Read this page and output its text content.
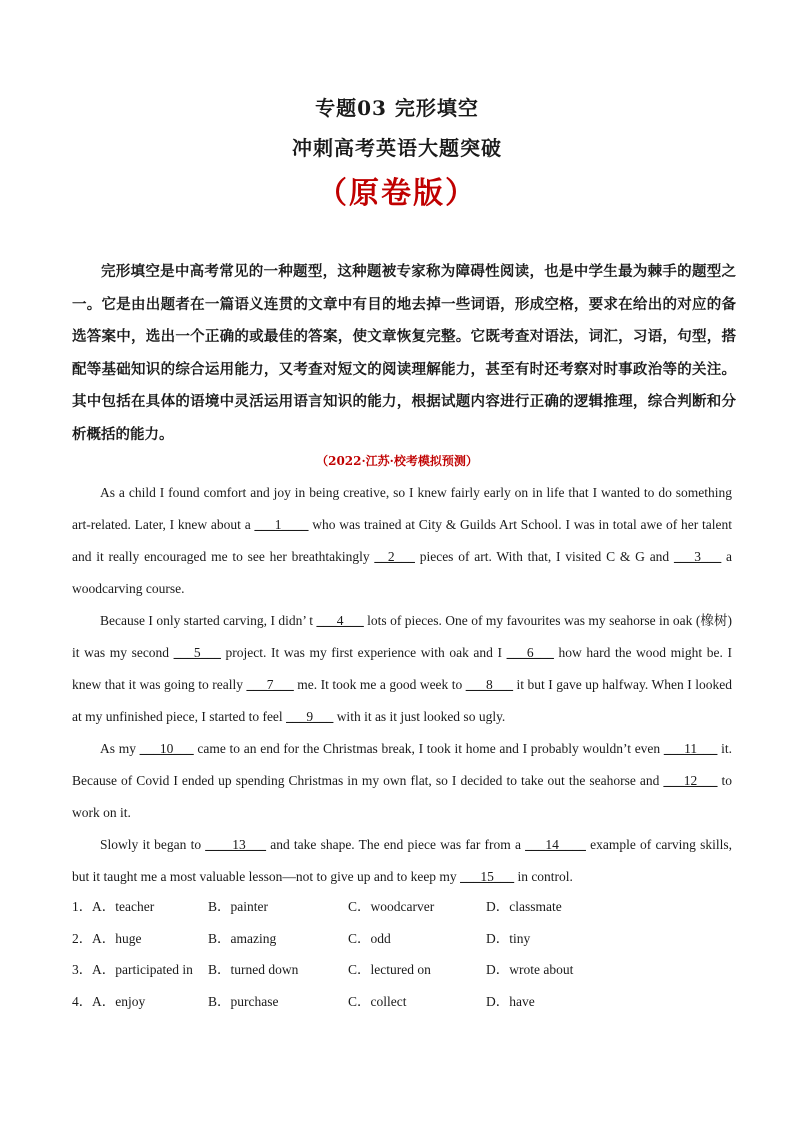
专题03 完形填空
冲刺高考英语大题突破
（原卷版）

完形填空是中高考常见的一种题型，这种题被专家称为障碍性阅读，也是中学生最为棘手的题型之一。它是由出题者在一篇语义连贯的文章中有目的地去掉一些词语，形成空格，要求在给出的对应的备选答案中，选出一个正确的或最佳的答案，使文章恢复完整。它既考查对语法，词汇，习语，句型，搭配等基础知识的综合运用能力，又考查对短文的阅读理解能力，甚至有时还考察对时事政治等的关注。其中包括在具体的语境中灵活运用语言知识的能力，根据试题内容进行正确的逻辑推理，综合判断和分析概括的能力。

（2022·江苏·校考模拟预测）

As a child I found comfort and joy in being creative, so I knew fairly early on in life that I wanted to do something art-related. Later, I knew about a ___1____ who was trained at City & Guilds Art School. I was in total awe of her talent and it really encouraged me to see her breathtakingly __2___ pieces of art. With that, I visited C & G and ___3___ a woodcarving course.

Because I only started carving, I didn’ t ___4___ lots of pieces. One of my favourites was my seahorse in oak (橡树) it was my second ___5___ project. It was my first experience with oak and I ___6___ how hard the wood might be. I knew that it was going to really ___7___ me. It took me a good week to ___8___ it but I gave up halfway. When I looked at my unfinished piece, I started to feel ___9___ with it as it just looked so ugly.

As my ___10___ came to an end for the Christmas break, I took it home and I probably wouldn’t even ___11___ it. Because of Covid I ended up spending Christmas in my own flat, so I decided to take out the seahorse and ___12___ to work on it.

Slowly it began to ____13___ and take shape. The end piece was far from a ___14____ example of carving skills, but it taught me a most valuable lesson—not to give up and to keep my ___15___ in control.

1． A．teacher	B．painter	C．woodcarver	D．classmate
2． A．huge	B．amazing	C．odd	D．tiny
3． A．participated in B．turned down	C．lectured on	D．wrote about
4． A．enjoy	B．purchase	C．collect	D．have
